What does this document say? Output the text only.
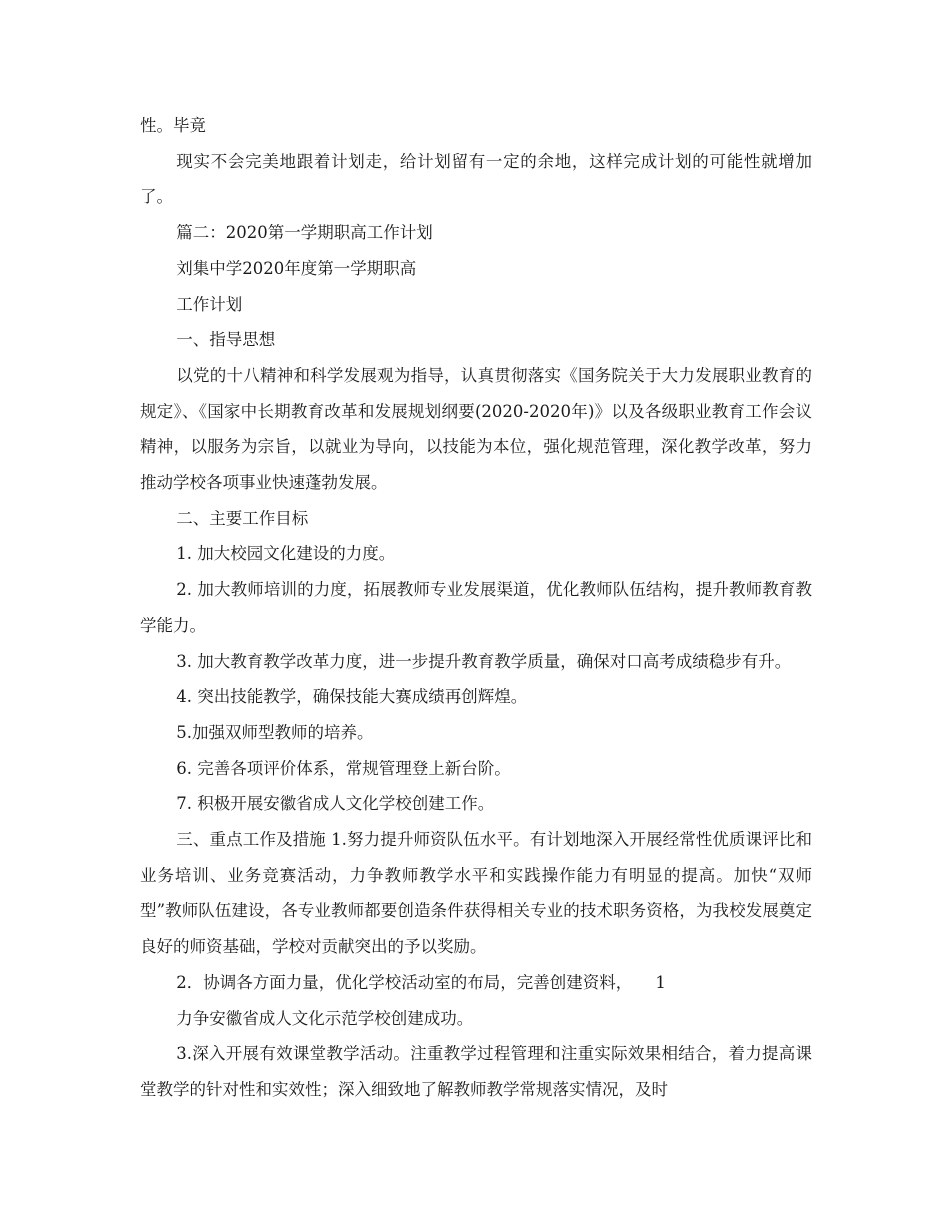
性。毕竟

现实不会完美地跟着计划走，给计划留有一定的余地，这样完成计划的可能性就增加了。

篇二：2020第一学期职高工作计划

刘集中学2020年度第一学期职高

工作计划

一、指导思想

以党的十八精神和科学发展观为指导，认真贯彻落实《国务院关于大力发展职业教育的规定》、《国家中长期教育改革和发展规划纲要(2020-2020年)》以及各级职业教育工作会议精神，以服务为宗旨，以就业为导向，以技能为本位，强化规范管理，深化教学改革，努力推动学校各项事业快速蓬勃发展。

二、主要工作目标

1. 加大校园文化建设的力度。

2. 加大教师培训的力度，拓展教师专业发展渠道，优化教师队伍结构，提升教师教育教学能力。

3. 加大教育教学改革力度，进一步提升教育教学质量，确保对口高考成绩稳步有升。

4. 突出技能教学，确保技能大赛成绩再创辉煌。

5.加强双师型教师的培养。

6. 完善各项评价体系，常规管理登上新台阶。

7. 积极开展安徽省成人文化学校创建工作。

三、重点工作及措施 1.努力提升师资队伍水平。有计划地深入开展经常性优质课评比和业务培训、业务竞赛活动，力争教师教学水平和实践操作能力有明显的提高。加快“双师型”教师队伍建设，各专业教师都要创造条件获得相关专业的技术职务资格，为我校发展奠定良好的师资基础，学校对贡献突出的予以奖励。

2．协调各方面力量，优化学校活动室的布局，完善创建资料， 1

力争安徽省成人文化示范学校创建成功。

3.深入开展有效课堂教学活动。注重教学过程管理和注重实际效果相结合，着力提高课堂教学的针对性和实效性；深入细致地了解教师教学常规落实情况，及时
